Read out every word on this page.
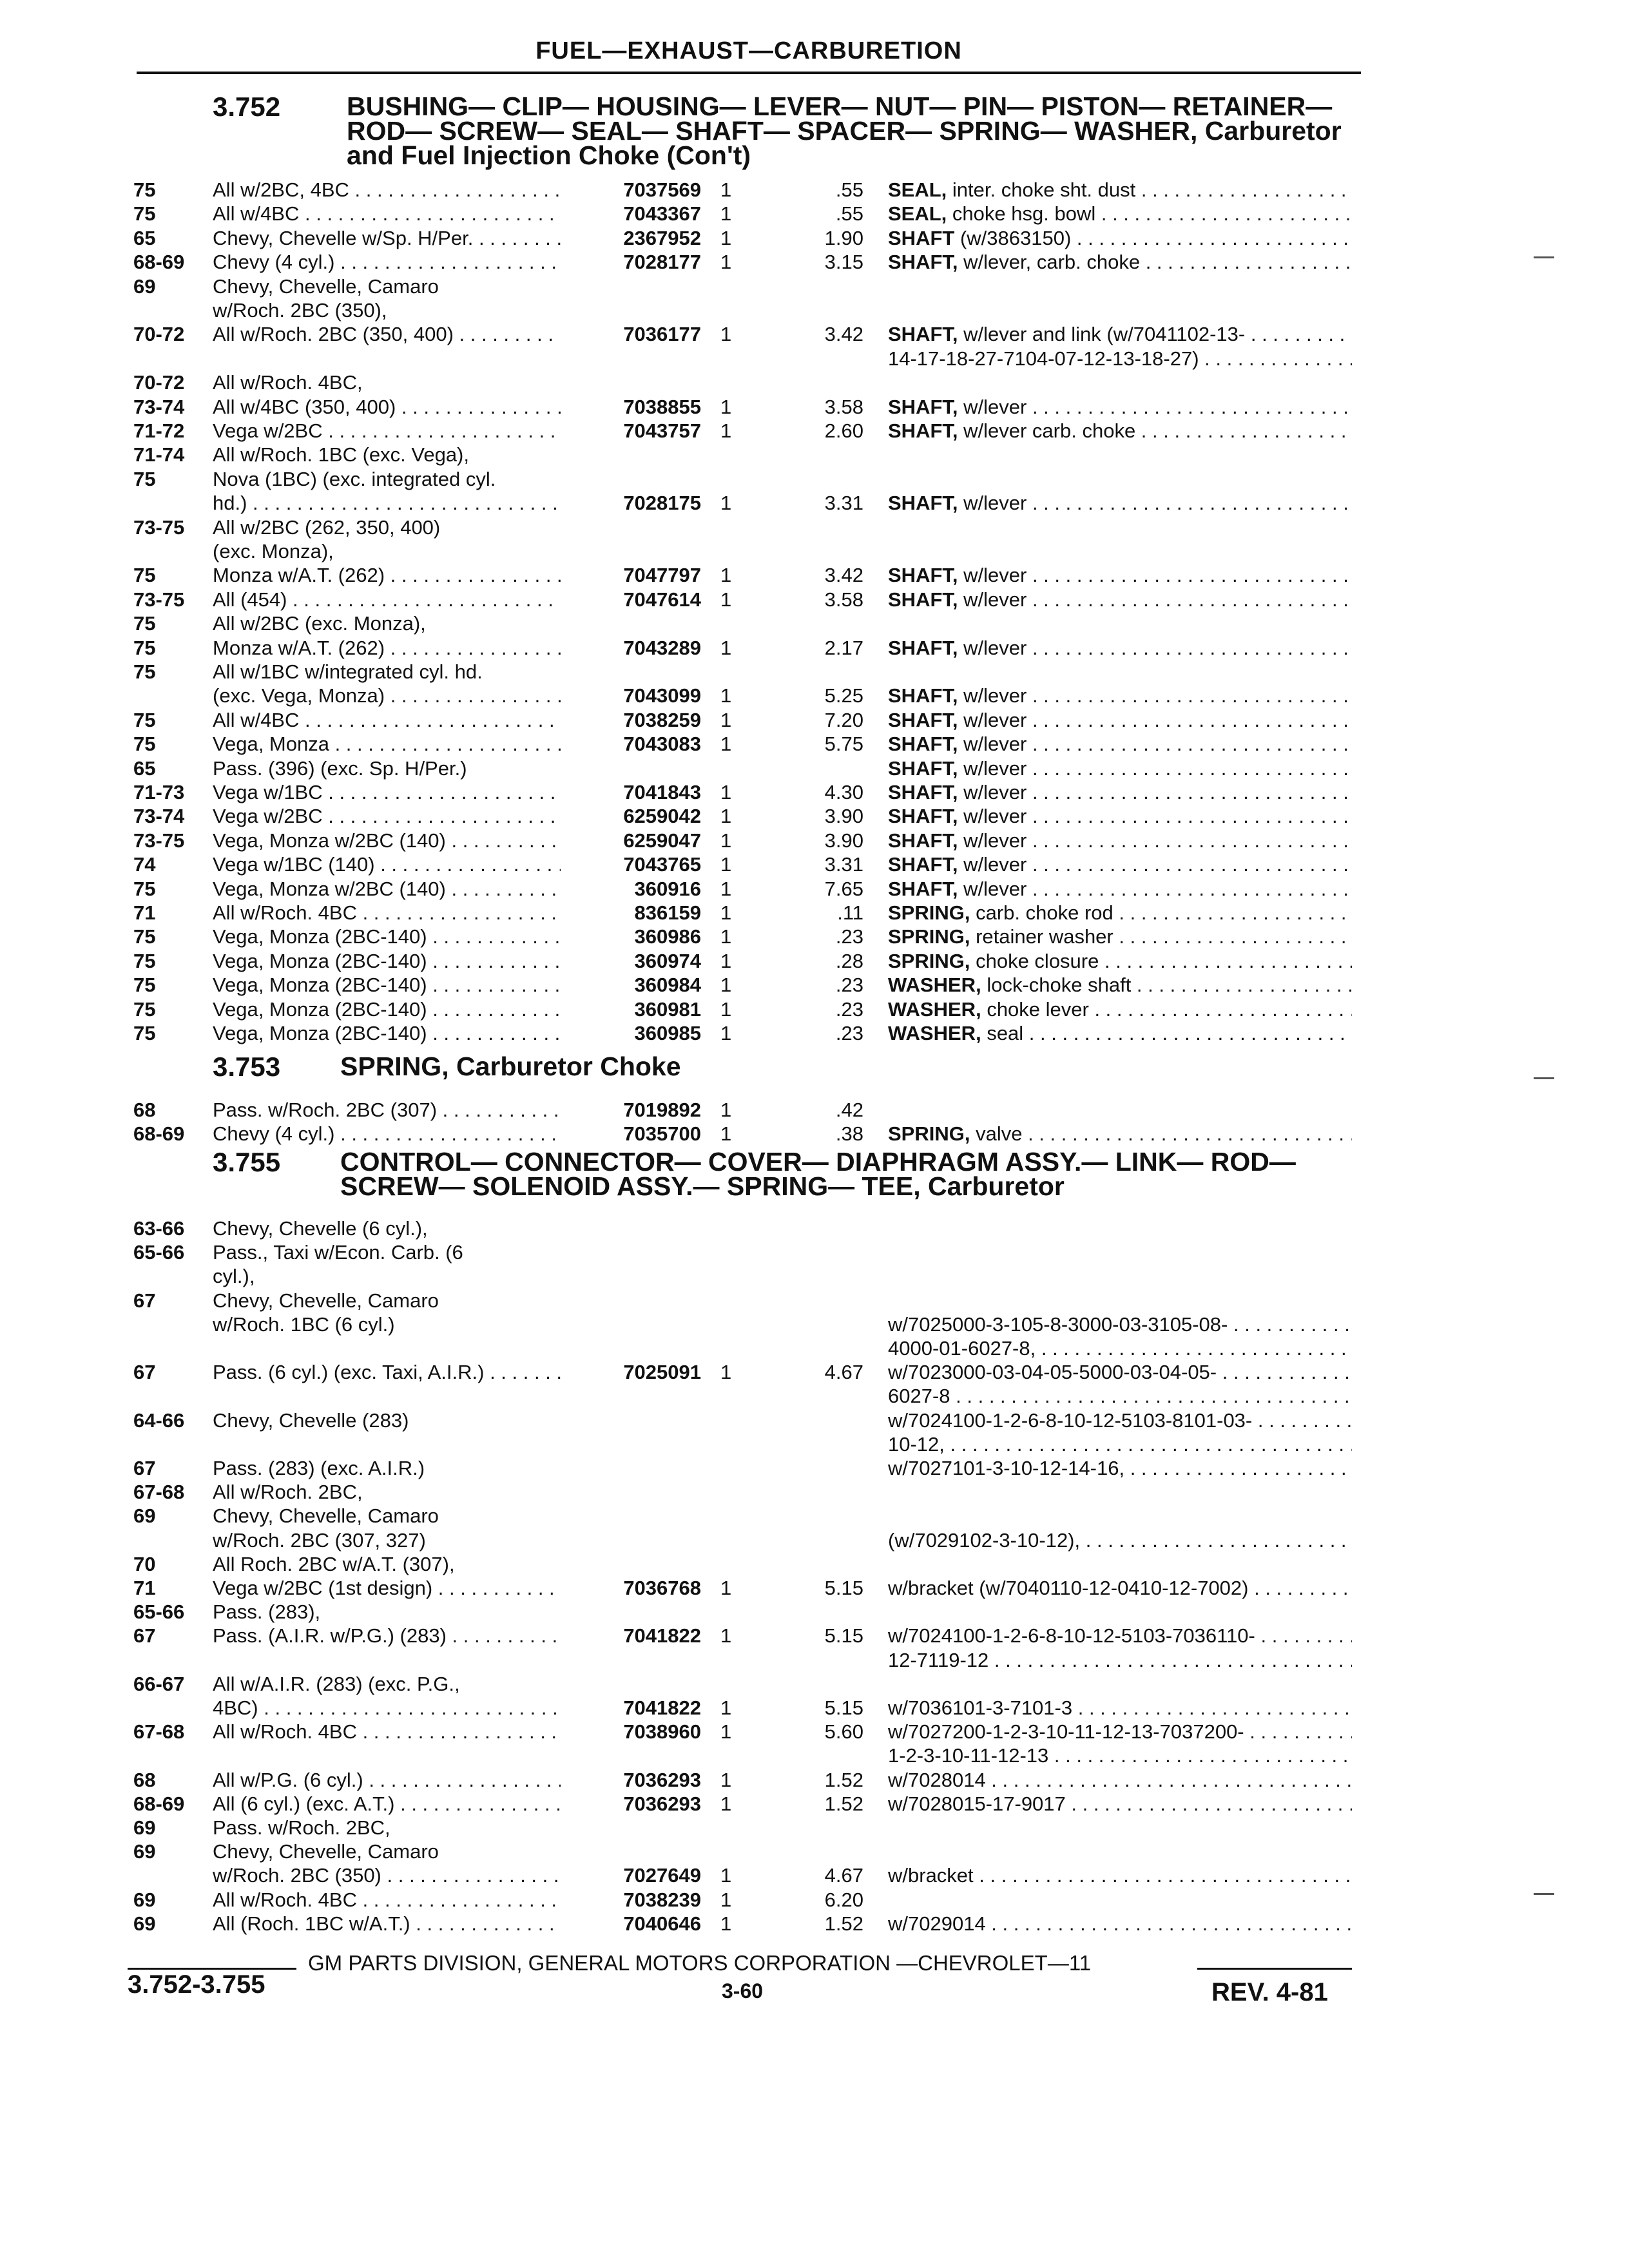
FUEL—EXHAUST—CARBURETION
3.752	BUSHING— CLIP— HOUSING— LEVER— NUT— PIN— PISTON— RETAINER— ROD— SCREW— SEAL— SHAFT— SPACER— SPRING— WASHER, Carburetor and Fuel Injection Choke (Con't)
75	All w/2BC, 4BC . . .	7037569 1	.55 SEAL, inter. choke sht. dust . . .
75	All w/4BC . . .	7043367 1	.55 SEAL, choke hsg. bowl . . .
65	Chevy, Chevelle w/Sp. H/Per. . . .	2367952 1	1.90 SHAFT (w/3863150) . . .
68-69	Chevy (4 cyl.) . . .	7028177 1	3.15 SHAFT, w/lever, carb. choke . . .
69	Chevy, Chevelle, Camaro
w/Roch. 2BC (350),
70-72	All w/Roch. 2BC (350, 400) . . .	7036177 1	3.42 SHAFT, w/lever and link (w/7041102-13- . . .
14-17-18-27-7104-07-12-13-18-27) . . .
70-72	All w/Roch. 4BC,
73-74	All w/4BC (350, 400) . . .	7038855 1	3.58 SHAFT, w/lever . . .
71-72	Vega w/2BC . . .	7043757 1	2.60 SHAFT, w/lever carb. choke . . .
71-74	All w/Roch. 1BC (exc. Vega),
75	Nova (1BC) (exc. integrated cyl.
hd.) . . .	7028175 1	3.31 SHAFT, w/lever . . .
73-75	All w/2BC (262, 350, 400)
(exc. Monza),
75	Monza w/A.T. (262) . . .	7047797 1	3.42 SHAFT, w/lever . . .
73-75	All (454) . . .	7047614 1	3.58 SHAFT, w/lever . . .
75	All w/2BC (exc. Monza),
75	Monza w/A.T. (262) . . .	7043289 1	2.17 SHAFT, w/lever . . .
75	All w/1BC w/integrated cyl. hd.
(exc. Vega, Monza) . . .	7043099 1	5.25 SHAFT, w/lever . . .
75	All w/4BC . . .	7038259 1	7.20 SHAFT, w/lever . . .
75	Vega, Monza . . .	7043083 1	5.75 SHAFT, w/lever . . .
65	Pass. (396) (exc. Sp. H/Per.)	SHAFT, w/lever . . .
71-73	Vega w/1BC . . .	7041843 1	4.30 SHAFT, w/lever . . .
73-74	Vega w/2BC . . .	6259042 1	3.90 SHAFT, w/lever . . .
73-75	Vega, Monza w/2BC (140) . . .	6259047 1	3.90 SHAFT, w/lever . . .
74	Vega w/1BC (140) . . .	7043765 1	3.31 SHAFT, w/lever . . .
75	Vega, Monza w/2BC (140) . . .	360916 1	7.65 SHAFT, w/lever . . .
71	All w/Roch. 4BC . . .	836159 1	.11 SPRING, carb. choke rod . . .
75	Vega, Monza (2BC-140) . . .	360986 1	.23 SPRING, retainer washer . . .
75	Vega, Monza (2BC-140) . . .	360974 1	.28 SPRING, choke closure . . .
75	Vega, Monza (2BC-140) . . .	360984 1	.23 WASHER, lock-choke shaft . . .
75	Vega, Monza (2BC-140) . . .	360981 1	.23 WASHER, choke lever . . .
75	Vega, Monza (2BC-140) . . .	360985 1	.23 WASHER, seal . . .
3.753 SPRING, Carburetor Choke
68	Pass. w/Roch. 2BC (307) . . .	7019892 1	.42
68-69	Chevy (4 cyl.) . . .	7035700 1	.38 SPRING, valve . . .
3.755 CONTROL— CONNECTOR— COVER— DIAPHRAGM ASSY.— LINK— ROD— SCREW— SOLENOID ASSY.— SPRING— TEE, Carburetor
63-66	Chevy, Chevelle (6 cyl.),
65-66	Pass., Taxi w/Econ. Carb. (6
cyl.),
67	Chevy, Chevelle, Camaro
w/Roch. 1BC (6 cyl.)	w/7025000-3-105-8-3000-03-3105-08- . . .
4000-01-6027-8, . . .
67	Pass. (6 cyl.) (exc. Taxi, A.I.R.) . . .	7025091 1	4.67 w/7023000-03-04-05-5000-03-04-05- . . .
6027-8 . . .
64-66	Chevy, Chevelle (283)	w/7024100-1-2-6-8-10-12-5103-8101-03- . . .
10-12, . . .
67	Pass. (283) (exc. A.I.R.)	w/7027101-3-10-12-14-16, . . .
67-68	All w/Roch. 2BC,
69	Chevy, Chevelle, Camaro
w/Roch. 2BC (307, 327)	(w/7029102-3-10-12), . . .
70	All Roch. 2BC w/A.T. (307),
71	Vega w/2BC (1st design) . . .	7036768 1	5.15 w/bracket (w/7040110-12-0410-12-7002) . . .
65-66	Pass. (283),
67	Pass. (A.I.R. w/P.G.) (283) . . .	7041822 1	5.15 w/7024100-1-2-6-8-10-12-5103-7036110- . . .
12-7119-12 . . .
66-67	All w/A.I.R. (283) (exc. P.G.,
4BC) . . .	7041822 1	5.15 w/7036101-3-7101-3 . . .
67-68	All w/Roch. 4BC . . .	7038960 1	5.60 w/7027200-1-2-3-10-11-12-13-7037200- . . .
1-2-3-10-11-12-13 . . .
68	All w/P.G. (6 cyl.) . . .	7036293 1	1.52 w/7028014 . . .
68-69	All (6 cyl.) (exc. A.T.) . . .	7036293 1	1.52 w/7028015-17-9017 . . .
69	Pass. w/Roch. 2BC,
69	Chevy, Chevelle, Camaro
w/Roch. 2BC (350) . . .	7027649 1	4.67 w/bracket . . .
69	All w/Roch. 4BC . . .	7038239 1	6.20
69	All (Roch. 1BC w/A.T.) . . .	7040646 1	1.52 w/7029014 . . .
GM PARTS DIVISION, GENERAL MOTORS CORPORATION —CHEVROLET—11
3.752-3.755	3-60	REV. 4-81
